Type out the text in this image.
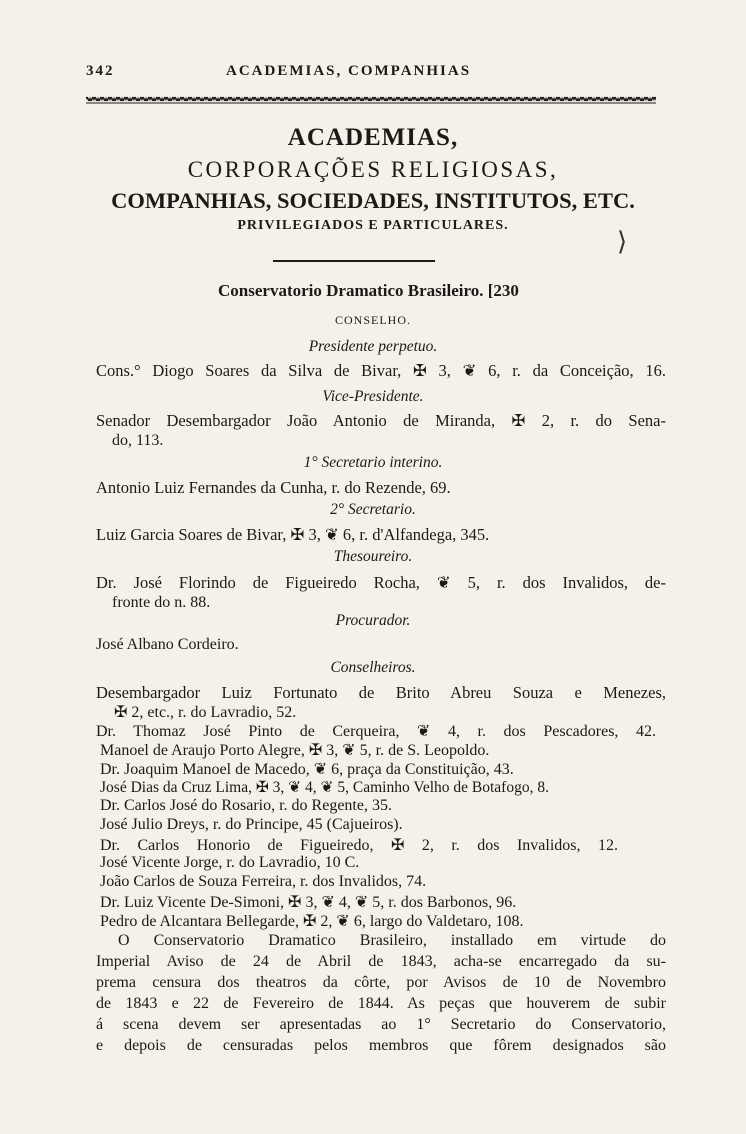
342	ACADEMIAS, COMPANHIAS
ACADEMIAS,
CORPORAÇÕES RELIGIOSAS,
COMPANHIAS, SOCIEDADES, INSTITUTOS, ETC.
PRIVILEGIADOS E PARTICULARES.
⟩
Conservatorio Dramatico Brasileiro. [230
CONSELHO.
Presidente perpetuo.
Cons.° Diogo Soares da Silva de Bivar, ✠ 3, ❦ 6, r. da Conceição, 16.
Vice-Presidente.
Senador Desembargador João Antonio de Miranda, ✠ 2, r. do Sena-
do, 113.
1° Secretario interino.
Antonio Luiz Fernandes da Cunha, r. do Rezende, 69.
2° Secretario.
Luiz Garcia Soares de Bivar, ✠ 3, ❦ 6, r. d'Alfandega, 345.
Thesoureiro.
Dr. José Florindo de Figueiredo Rocha, ❦ 5, r. dos Invalidos, de-
fronte do n. 88.
Procurador.
José Albano Cordeiro.
Conselheiros.
Desembargador Luiz Fortunato de Brito Abreu Souza e Menezes,
✠ 2, etc., r. do Lavradio, 52.
Dr. Thomaz José Pinto de Cerqueira, ❦ 4, r. dos Pescadores, 42.
Manoel de Araujo Porto Alegre, ✠ 3, ❦ 5, r. de S. Leopoldo.
Dr. Joaquim Manoel de Macedo, ❦ 6, praça da Constituição, 43.
José Dias da Cruz Lima, ✠ 3, ❦ 4, ❦ 5, Caminho Velho de Botafogo, 8.
Dr. Carlos José do Rosario, r. do Regente, 35.
José Julio Dreys, r. do Principe, 45 (Cajueiros).
Dr. Carlos Honorio de Figueiredo, ✠ 2, r. dos Invalidos, 12.
José Vicente Jorge, r. do Lavradio, 10 C.
João Carlos de Souza Ferreira, r. dos Invalidos, 74.
Dr. Luiz Vicente De-Simoni, ✠ 3, ❦ 4, ❦ 5, r. dos Barbonos, 96.
Pedro de Alcantara Bellegarde, ✠ 2, ❦ 6, largo do Valdetaro, 108.
O Conservatorio Dramatico Brasileiro, installado em virtude do
Imperial Aviso de 24 de Abril de 1843, acha-se encarregado da su-
prema censura dos theatros da côrte, por Avisos de 10 de Novembro
de 1843 e 22 de Fevereiro de 1844. As peças que houverem de subir
á scena devem ser apresentadas ao 1° Secretario do Conservatorio,
e depois de censuradas pelos membros que fôrem designados são
